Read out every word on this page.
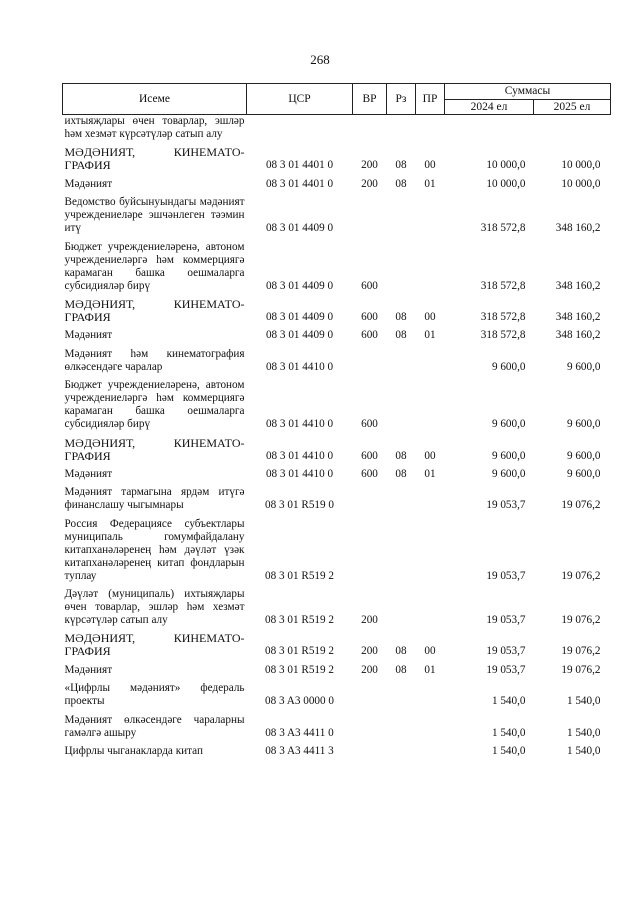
268
Исеме	ЦСР	ВР	Рз	ПР	Суммасы	
					2024 ел	2025 ел
ихтыяҗлары өчен товарлар, эшләр һәм хезмәт күрсәтүләр сатып алу						
МӘДӘНИЯТ, КИНЕМАТО-ГРАФИЯ	08 3 01 4401 0	200	08	00	10 000,0	10 000,0
Мәдәният	08 3 01 4401 0	200	08	01	10 000,0	10 000,0
Ведомство буйсынуындагы мәдәният учреждениеләре эшчәнлеген тәэмин итү	08 3 01 4409 0				318 572,8	348 160,2
Бюджет учреждениеләренә, автоном учреждениеләргә һәм коммерциягә карамаган башка оешмаларга субсидияләр бирү	08 3 01 4409 0	600			318 572,8	348 160,2
МӘДӘНИЯТ, КИНЕМАТО-ГРАФИЯ	08 3 01 4409 0	600	08	00	318 572,8	348 160,2
Мәдәният	08 3 01 4409 0	600	08	01	318 572,8	348 160,2
Мәдәният һәм кинематография өлкәсендәге чаралар	08 3 01 4410 0				9 600,0	9 600,0
Бюджет учреждениеләренә, автоном учреждениеләргә һәм коммерциягә карамаган башка оешмаларга субсидияләр бирү	08 3 01 4410 0	600			9 600,0	9 600,0
МӘДӘНИЯТ, КИНЕМАТО-ГРАФИЯ	08 3 01 4410 0	600	08	00	9 600,0	9 600,0
Мәдәният	08 3 01 4410 0	600	08	01	9 600,0	9 600,0
Мәдәният тармагына ярдәм итүгә финанслашу чыгымнары	08 3 01 R519 0				19 053,7	19 076,2
Россия Федерациясе субъектлары муниципаль гомумфайдалану китапханәләренең һәм дәүләт үзәк китапханәләренең китап фондларын туплау	08 3 01 R519 2				19 053,7	19 076,2
Дәүләт (муниципаль) ихтыяҗлары өчен товарлар, эшләр һәм хезмәт күрсәтүләр сатып алу	08 3 01 R519 2	200			19 053,7	19 076,2
МӘДӘНИЯТ, КИНЕМАТО-ГРАФИЯ	08 3 01 R519 2	200	08	00	19 053,7	19 076,2
Мәдәният	08 3 01 R519 2	200	08	01	19 053,7	19 076,2
«Цифрлы мәдәният» федераль проекты	08 3 A3 0000 0				1 540,0	1 540,0
Мәдәният өлкәсендәге чараларны гамәлгә ашыру	08 3 A3 4411 0				1 540,0	1 540,0
Цифрлы чыганакларда китап	08 3 A3 4411 3				1 540,0	1 540,0
